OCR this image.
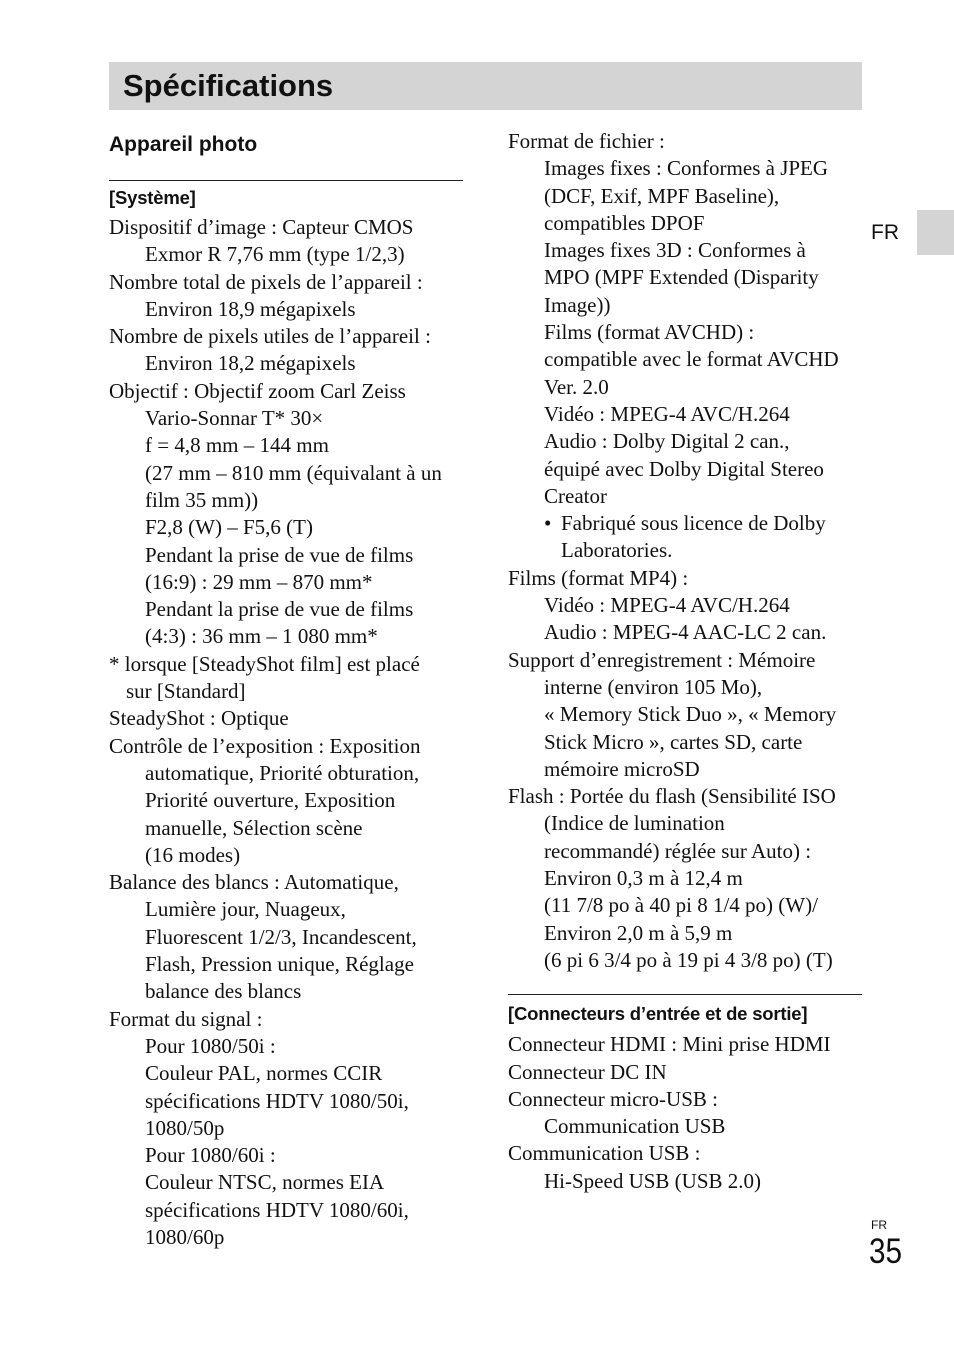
Spécifications
FR
Appareil photo
[Système]
Dispositif d’image : Capteur CMOS
Exmor R 7,76 mm (type 1/2,3)
Nombre total de pixels de l’appareil :
Environ 18,9 mégapixels
Nombre de pixels utiles de l’appareil :
Environ 18,2 mégapixels
Objectif : Objectif zoom Carl Zeiss
Vario-Sonnar T* 30×
f = 4,8 mm – 144 mm
(27 mm – 810 mm (équivalant à un
film 35 mm))
F2,8 (W) – F5,6 (T)
Pendant la prise de vue de films
(16:9) : 29 mm – 870 mm*
Pendant la prise de vue de films
(4:3) : 36 mm – 1 080 mm*
* lorsque [SteadyShot film] est placé
sur [Standard]
SteadyShot : Optique
Contrôle de l’exposition : Exposition
automatique, Priorité obturation,
Priorité ouverture, Exposition
manuelle, Sélection scène
(16 modes)
Balance des blancs : Automatique,
Lumière jour, Nuageux,
Fluorescent 1/2/3, Incandescent,
Flash, Pression unique, Réglage
balance des blancs
Format du signal :
Pour 1080/50i :
Couleur PAL, normes CCIR
spécifications HDTV 1080/50i,
1080/50p
Pour 1080/60i :
Couleur NTSC, normes EIA
spécifications HDTV 1080/60i,
1080/60p
Format de fichier :
Images fixes : Conformes à JPEG
(DCF, Exif, MPF Baseline),
compatibles DPOF
Images fixes 3D : Conformes à
MPO (MPF Extended (Disparity
Image))
Films (format AVCHD) :
compatible avec le format AVCHD
Ver. 2.0
Vidéo : MPEG-4 AVC/H.264
Audio : Dolby Digital 2 can.,
équipé avec Dolby Digital Stereo
Creator
• Fabriqué sous licence de Dolby
Laboratories.
Films (format MP4) :
Vidéo : MPEG-4 AVC/H.264
Audio : MPEG-4 AAC-LC 2 can.
Support d’enregistrement : Mémoire
interne (environ 105 Mo),
« Memory Stick Duo », « Memory
Stick Micro », cartes SD, carte
mémoire microSD
Flash : Portée du flash (Sensibilité ISO
(Indice de lumination
recommandé) réglée sur Auto) :
Environ 0,3 m à 12,4 m
(11 7/8 po à 40 pi 8 1/4 po) (W)/
Environ 2,0 m à 5,9 m
(6 pi 6 3/4 po à 19 pi 4 3/8 po) (T)
[Connecteurs d’entrée et de sortie]
Connecteur HDMI : Mini prise HDMI
Connecteur DC IN
Connecteur micro-USB :
Communication USB
Communication USB :
Hi-Speed USB (USB 2.0)
FR
35
